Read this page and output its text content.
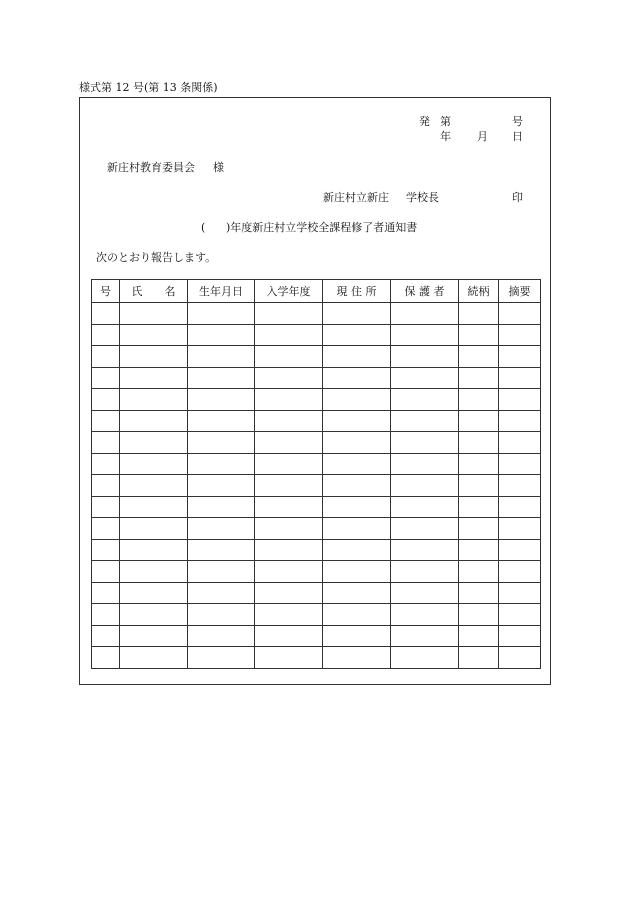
様式第 12 号(第 13 条関係)
発 第	号
年 月 日
新庄村教育委員会 様
新庄村立新庄 学校長	印
( )年度新庄村立学校全課程修了者通知書
次のとおり報告します。
号	氏　　名	生年月日	入学年度	現 住 所	保 護 者	続柄	摘要
